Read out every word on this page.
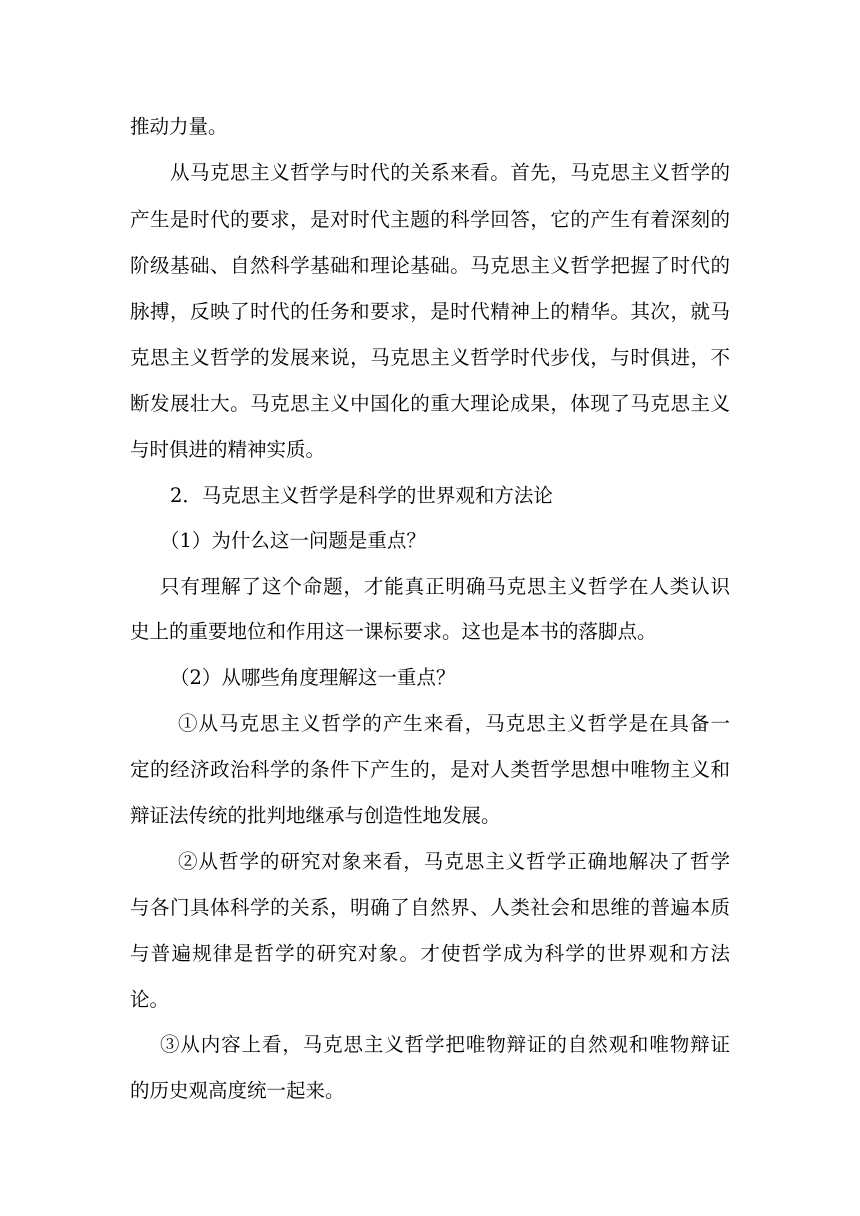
推动力量。
从马克思主义哲学与时代的关系来看。首先，马克思主义哲学的
产生是时代的要求，是对时代主题的科学回答，它的产生有着深刻的
阶级基础、自然科学基础和理论基础。马克思主义哲学把握了时代的
脉搏，反映了时代的任务和要求，是时代精神上的精华。其次，就马
克思主义哲学的发展来说，马克思主义哲学时代步伐，与时俱进，不
断发展壮大。马克思主义中国化的重大理论成果，体现了马克思主义
与时俱进的精神实质。
2．马克思主义哲学是科学的世界观和方法论
（1）为什么这一问题是重点？
只有理解了这个命题，才能真正明确马克思主义哲学在人类认识
史上的重要地位和作用这一课标要求。这也是本书的落脚点。
（2）从哪些角度理解这一重点？
①从马克思主义哲学的产生来看，马克思主义哲学是在具备一
定的经济政治科学的条件下产生的，是对人类哲学思想中唯物主义和
辩证法传统的批判地继承与创造性地发展。
②从哲学的研究对象来看，马克思主义哲学正确地解决了哲学
与各门具体科学的关系，明确了自然界、人类社会和思维的普遍本质
与普遍规律是哲学的研究对象。才使哲学成为科学的世界观和方法
论。
③从内容上看，马克思主义哲学把唯物辩证的自然观和唯物辩证
的历史观高度统一起来。
